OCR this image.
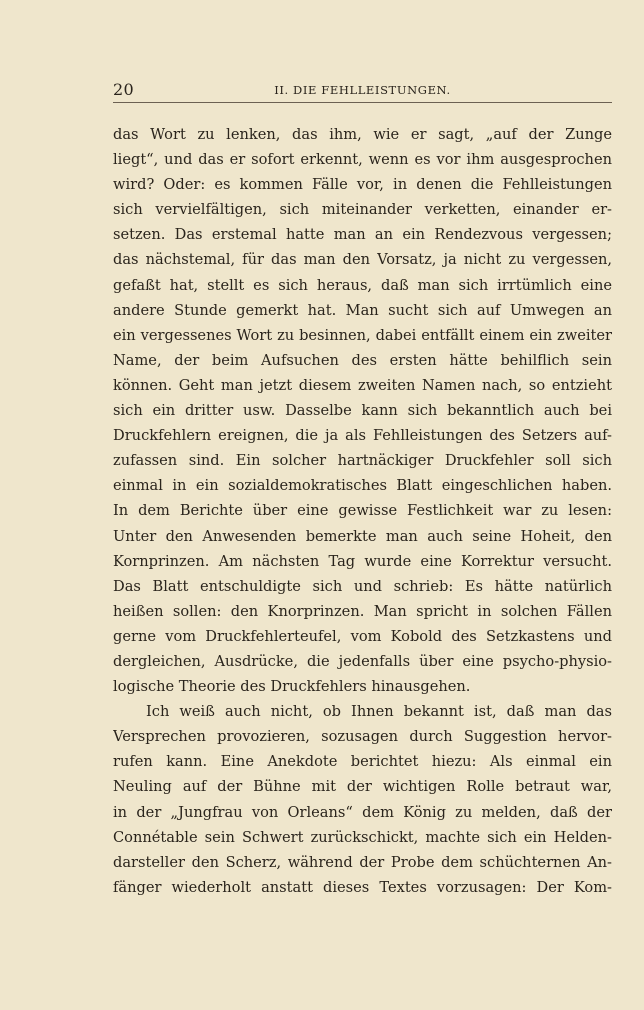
20	II. DIE FEHLLEISTUNGEN.
das Wort zu lenken, das ihm, wie er sagt, „auf der Zunge
liegt“, und das er sofort erkennt, wenn es vor ihm ausgesprochen
wird? Oder: es kommen Fälle vor, in denen die Fehlleistungen
sich vervielfältigen, sich miteinander verketten, einander er-
setzen. Das erstemal hatte man an ein Rendezvous vergessen;
das nächstemal, für das man den Vorsatz, ja nicht zu vergessen,
gefaßt hat, stellt es sich heraus, daß man sich irrtümlich eine
andere Stunde gemerkt hat. Man sucht sich auf Umwegen an
ein vergessenes Wort zu besinnen, dabei entfällt einem ein zweiter
Name, der beim Aufsuchen des ersten hätte behilflich sein
können. Geht man jetzt diesem zweiten Namen nach, so entzieht
sich ein dritter usw. Dasselbe kann sich bekanntlich auch bei
Druckfehlern ereignen, die ja als Fehlleistungen des Setzers auf-
zufassen sind. Ein solcher hartnäckiger Druckfehler soll sich
einmal in ein sozialdemokratisches Blatt eingeschlichen haben.
In dem Berichte über eine gewisse Festlichkeit war zu lesen:
Unter den Anwesenden bemerkte man auch seine Hoheit, den
Kornprinzen. Am nächsten Tag wurde eine Korrektur versucht.
Das Blatt entschuldigte sich und schrieb: Es hätte natürlich
heißen sollen: den Knorprinzen. Man spricht in solchen Fällen
gerne vom Druckfehlerteufel, vom Kobold des Setzkastens und
dergleichen, Ausdrücke, die jedenfalls über eine psycho-physio-
logische Theorie des Druckfehlers hinausgehen.
Ich weiß auch nicht, ob Ihnen bekannt ist, daß man das
Versprechen provozieren, sozusagen durch Suggestion hervor-
rufen kann. Eine Anekdote berichtet hiezu: Als einmal ein
Neuling auf der Bühne mit der wichtigen Rolle betraut war,
in der „Jungfrau von Orleans“ dem König zu melden, daß der
Connétable sein Schwert zurückschickt, machte sich ein Helden-
darsteller den Scherz, während der Probe dem schüchternen An-
fänger wiederholt anstatt dieses Textes vorzusagen: Der Kom-
